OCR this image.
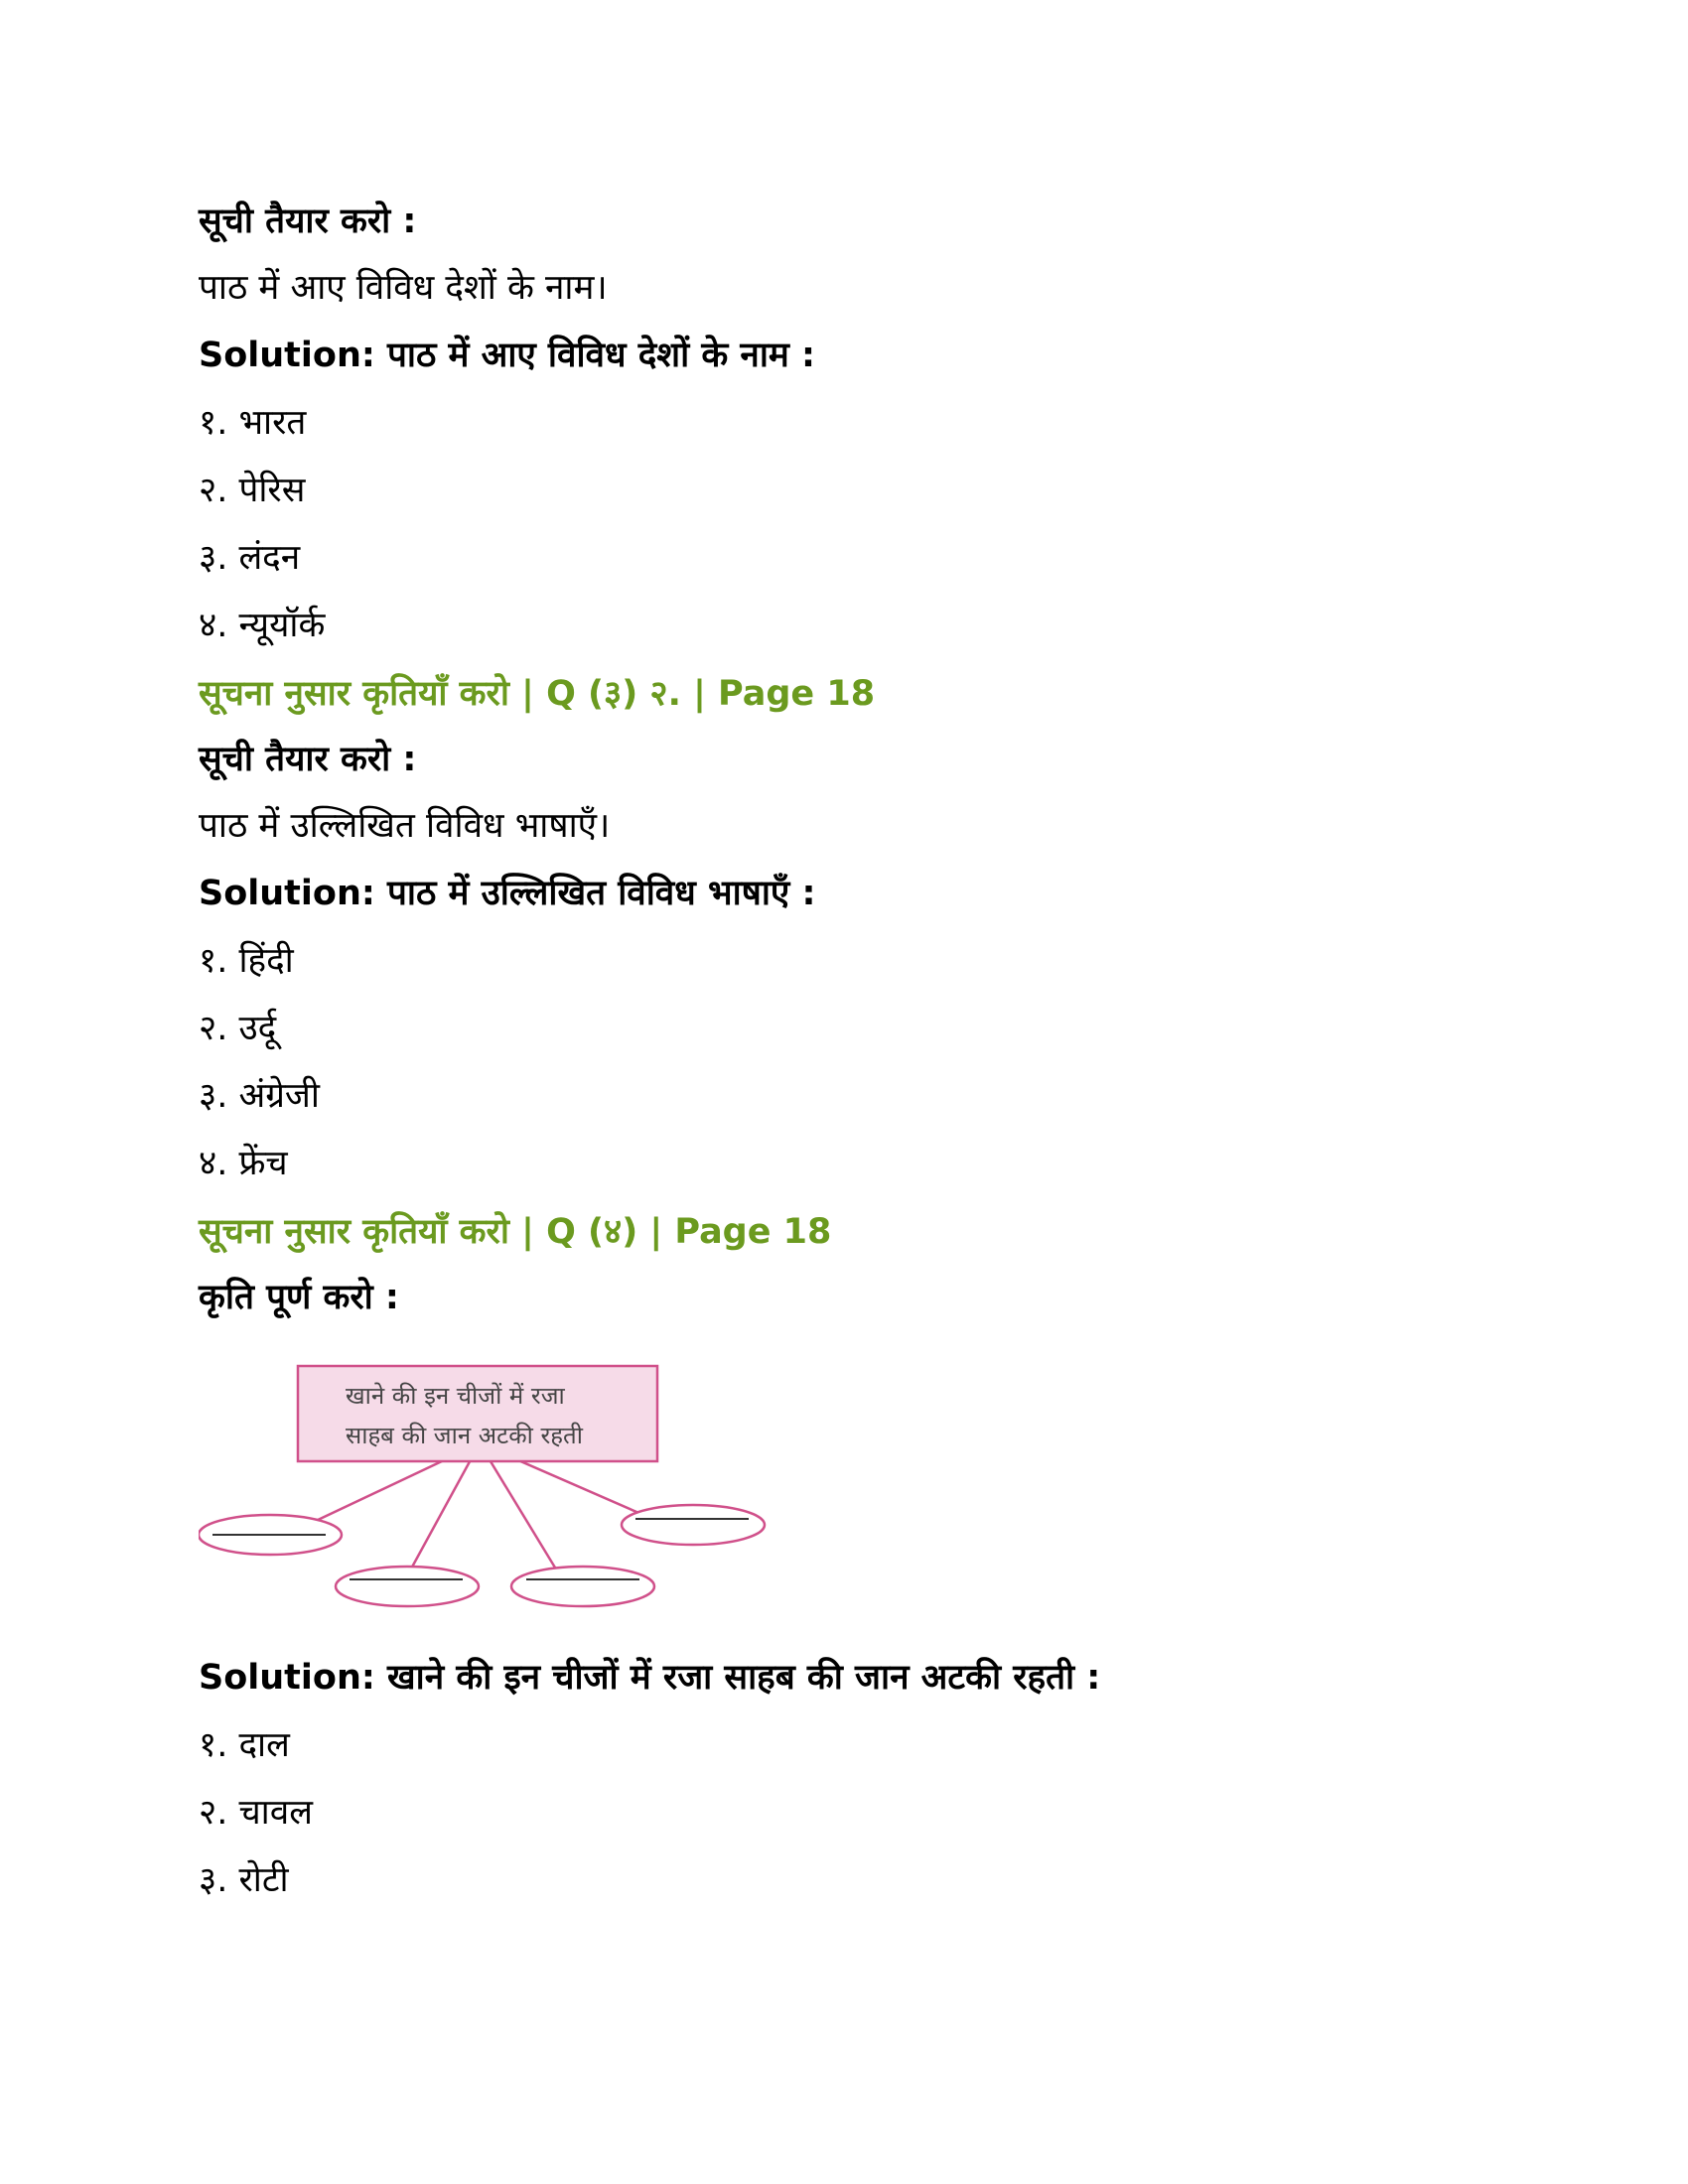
सूची तैयार करो :

पाठ में आए विविध देशों के नाम।

Solution: पाठ में आए विविध देशों के नाम :

१. भारत

२. पेरिस

३. लंदन

४. न्यूयॉर्क

सूचना नुसार कृतियाँ करो | Q (३) २. | Page 18

सूची तैयार करो :

पाठ में उल्लिखित विविध भाषाएँ।

Solution: पाठ में उल्लिखित विविध भाषाएँ :

१. हिंदी

२. उर्दू

३. अंग्रेजी

४. फ्रेंच

सूचना नुसार कृतियाँ करो | Q (४) | Page 18

कृति पूर्ण करो :

खाने की इन चीजों में रजा
साहब की जान अटकी रहती

Solution: खाने की इन चीजों में रजा साहब की जान अटकी रहती :

१. दाल

२. चावल

३. रोटी
